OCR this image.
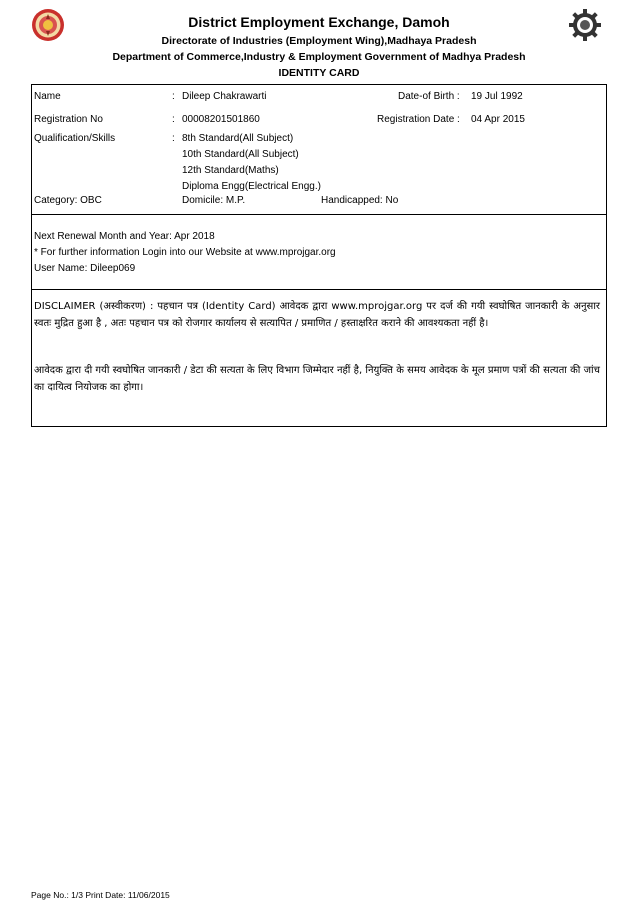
District Employment Exchange, Damoh
Directorate of Industries (Employment Wing),Madhaya Pradesh
Department of Commerce,Industry & Employment Government of Madhya Pradesh
IDENTITY CARD
Name	: Dileep Chakrawarti	Date-of Birth : 19 Jul 1992
Registration No	: 00008201501860	Registration Date : 04 Apr 2015
Qualification/Skills	: 8th Standard(All Subject)
10th Standard(All Subject)
12th Standard(Maths)
Diploma Engg(Electrical Engg.)
Category: OBC	Domicile: M.P.	Handicapped: No
Next Renewal Month and Year: Apr 2018
* For further information Login into our Website at www.mprojgar.org
User Name: Dileep069
DISCLAIMER (अस्वीकरण) : पहचान पत्र (Identity Card) आवेदक द्वारा www.mprojgar.org पर दर्ज की गयी स्वघोषित जानकारी के अनुसार स्वतः मुद्रित हुआ है , अतः पहचान पत्र को रोजगार कार्यालय से सत्यापित / प्रमाणित / हस्ताक्षरित कराने की आवश्यकता नहीं है।
आवेदक द्वारा दी गयी स्वघोषित जानकारी / डेटा की सत्यता के लिए विभाग जिम्मेदार नहीं है, नियुक्ति के समय आवेदक के मूल प्रमाण पत्रों की सत्यता की जांच का दायित्व नियोजक का होगा।
Page No.: 1/3 Print Date: 11/06/2015
